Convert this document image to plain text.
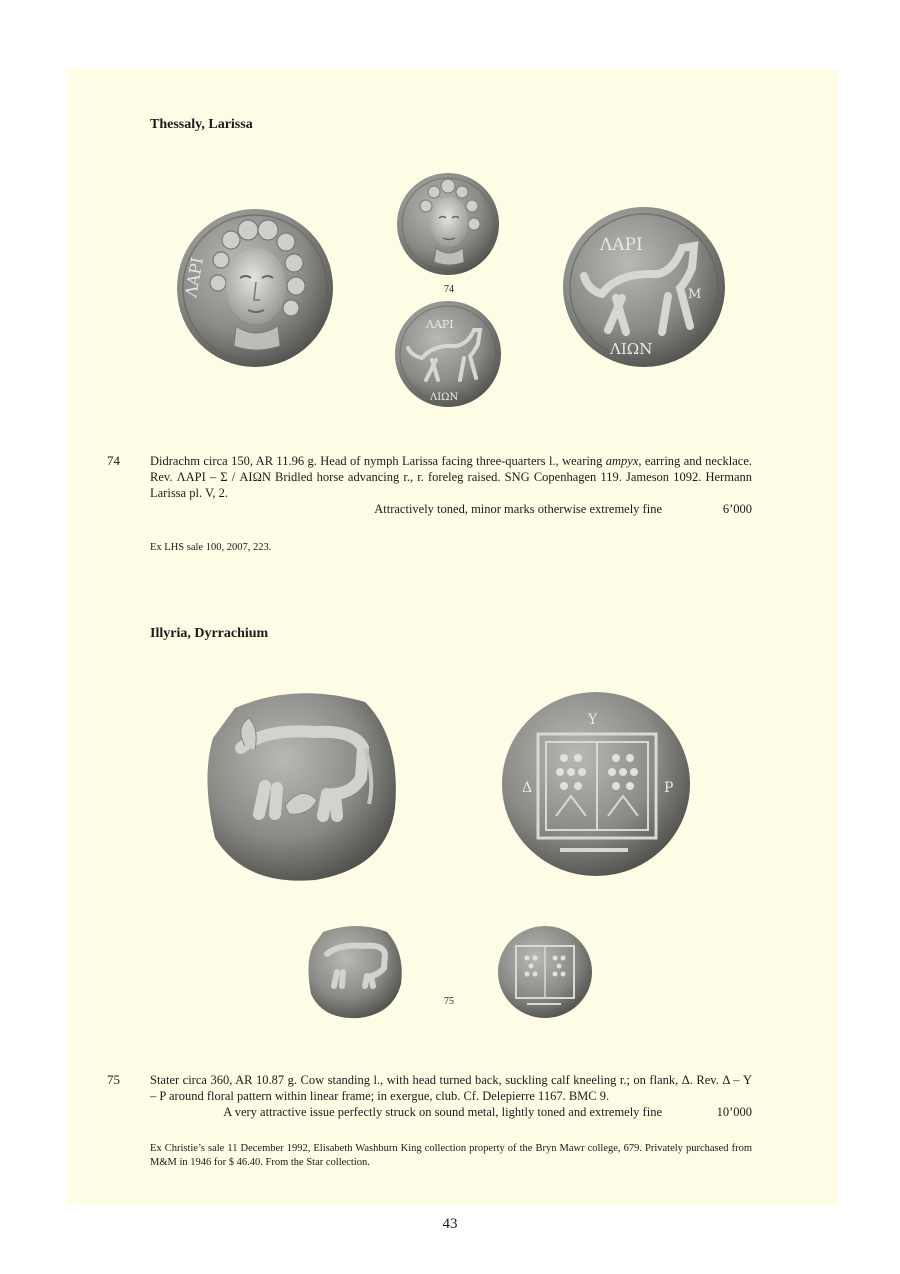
Thessaly, Larissa
ΛΑΡΙ	74
ΛΑΡΙ
ΛΙΩΝ
ΛΑΡΙ
Μ
ΛΙΩΝ
74 Didrachm circa 150, AR 11.96 g. Head of nymph Larissa facing three-quarters l., wearing ampyx, earring and necklace. Rev. ΛAPI – Σ / AIΩN Bridled horse advancing r., r. foreleg raised. SNG Copenhagen 119. Jameson 1092. Hermann Larissa pl. V, 2.
Attractively toned, minor marks otherwise extremely fine	6’000
Ex LHS sale 100, 2007, 223.
Illyria, Dyrrachium
Υ
Δ	Ρ
75
75 Stater circa 360, AR 10.87 g. Cow standing l., with head turned back, suckling calf kneeling r.; on flank, Δ. Rev. Δ – Y – P around floral pattern within linear frame; in exergue, club. Cf. Delepierre 1167. BMC 9.
A very attractive issue perfectly struck on sound metal, lightly toned and extremely fine	10’000
Ex Christie’s sale 11 December 1992, Elisabeth Washburn King collection property of the Bryn Mawr college, 679. Privately purchased from M&M in 1946 for $ 46.40. From the Star collection.
43
